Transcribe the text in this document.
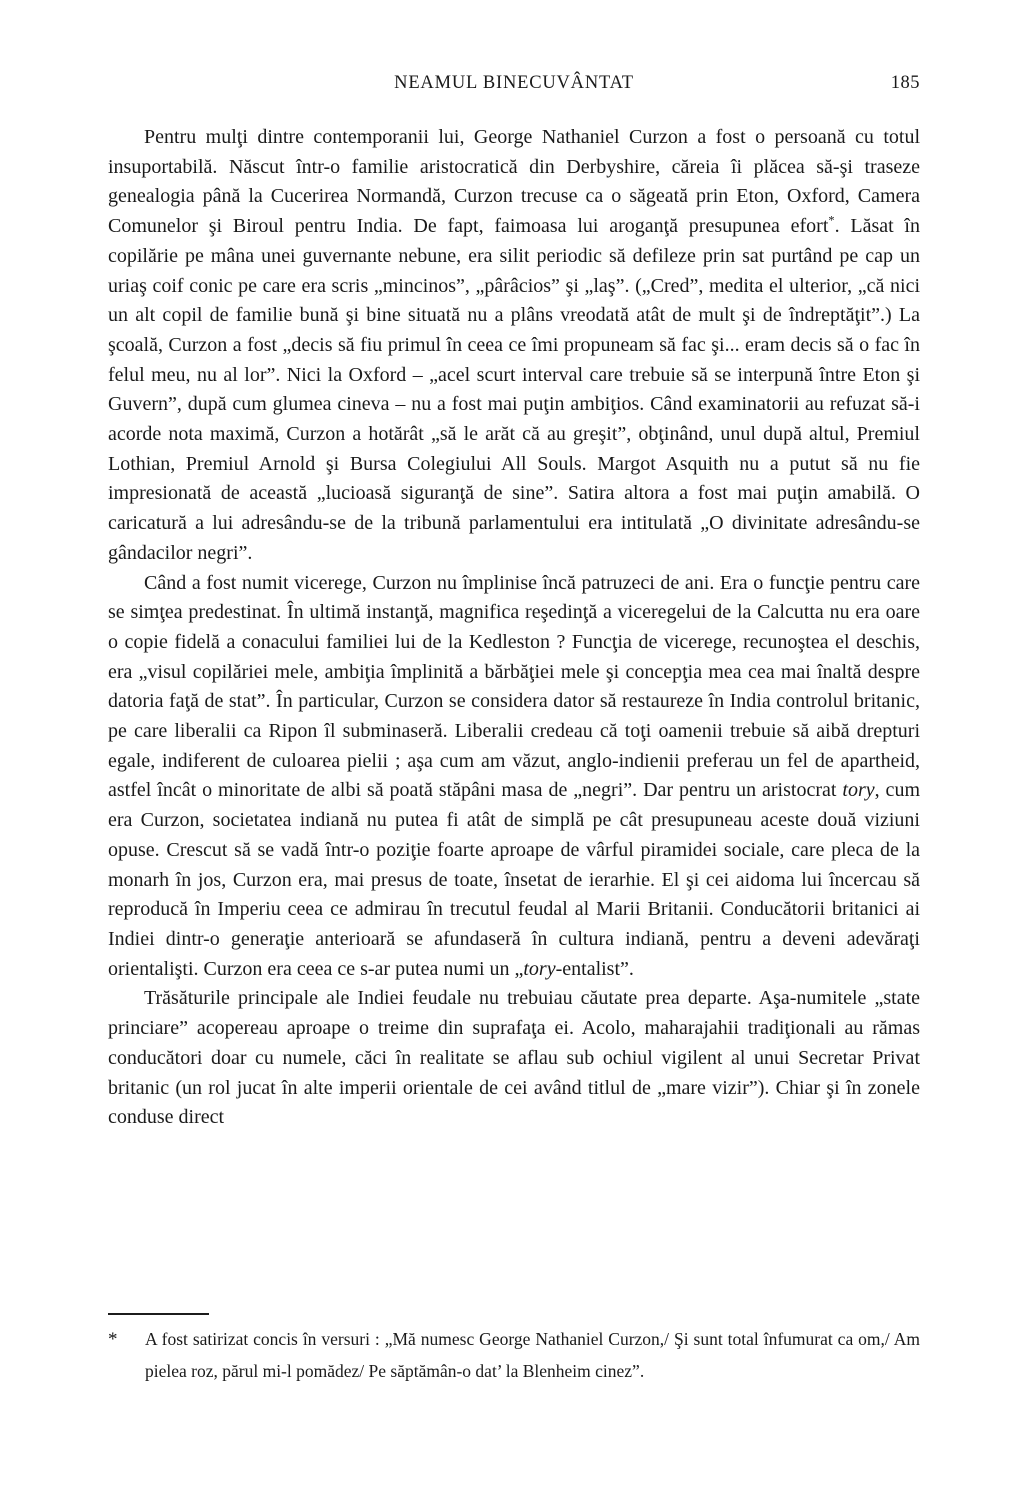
NEAMUL BINECUVÂNTAT	185

Pentru mulţi dintre contemporanii lui, George Nathaniel Curzon a fost o persoană cu totul insuportabilă. Născut într-o familie aristocratică din Derbyshire, căreia îi plăcea să-şi traseze genealogia până la Cucerirea Normandă, Curzon trecuse ca o săgeată prin Eton, Oxford, Camera Comunelor şi Biroul pentru India. De fapt, faimoasa lui aroganţă presupunea efort*. Lăsat în copilărie pe mâna unei guvernante nebune, era silit periodic să defileze prin sat purtând pe cap un uriaş coif conic pe care era scris „mincinos”, „pârâcios” şi „laş”. („Cred”, medita el ulterior, „că nici un alt copil de familie bună şi bine situată nu a plâns vreodată atât de mult şi de îndreptăţit”.) La şcoală, Curzon a fost „decis să fiu primul în ceea ce îmi propuneam să fac şi... eram decis să o fac în felul meu, nu al lor”. Nici la Oxford – „acel scurt interval care trebuie să se interpună între Eton şi Guvern”, după cum glumea cineva – nu a fost mai puţin ambiţios. Când examinatorii au refuzat să-i acorde nota maximă, Curzon a hotărât „să le arăt că au greşit”, obţinând, unul după altul, Premiul Lothian, Premiul Arnold şi Bursa Colegiului All Souls. Margot Asquith nu a putut să nu fie impresionată de această „lucioasă siguranţă de sine”. Satira altora a fost mai puţin amabilă. O caricatură a lui adresându-se de la tribună parlamentului era intitulată „O divinitate adresându-se gândacilor negri”.

Când a fost numit vicerege, Curzon nu împlinise încă patruzeci de ani. Era o funcţie pentru care se simţea predestinat. În ultimă instanţă, magnifica reşedinţă a viceregelui de la Calcutta nu era oare o copie fidelă a conacului familiei lui de la Kedleston ? Funcţia de vicerege, recunoştea el deschis, era „visul copilăriei mele, ambiţia împlinită a bărbăţiei mele şi concepţia mea cea mai înaltă despre datoria faţă de stat”. În particular, Curzon se considera dator să restaureze în India controlul britanic, pe care liberalii ca Ripon îl subminaseră. Liberalii credeau că toţi oamenii trebuie să aibă drepturi egale, indiferent de culoarea pielii ; aşa cum am văzut, anglo-indienii preferau un fel de apartheid, astfel încât o minoritate de albi să poată stăpâni masa de „negri”. Dar pentru un aristocrat tory, cum era Curzon, societatea indiană nu putea fi atât de simplă pe cât presupuneau aceste două viziuni opuse. Crescut să se vadă într-o poziţie foarte aproape de vârful piramidei sociale, care pleca de la monarh în jos, Curzon era, mai presus de toate, însetat de ierarhie. El şi cei aidoma lui încercau să reproducă în Imperiu ceea ce admirau în trecutul feudal al Marii Britanii. Conducătorii britanici ai Indiei dintr-o generaţie anterioară se afundaseră în cultura indiană, pentru a deveni adevăraţi orientalişti. Curzon era ceea ce s-ar putea numi un „tory-entalist”.

Trăsăturile principale ale Indiei feudale nu trebuiau căutate prea departe. Aşa-numitele „state princiare” acopereau aproape o treime din suprafaţa ei. Acolo, maharajahii tradiţionali au rămas conducători doar cu numele, căci în realitate se aflau sub ochiul vigilent al unui Secretar Privat britanic (un rol jucat în alte imperii orientale de cei având titlul de „mare vizir”). Chiar şi în zonele conduse direct

*	A fost satirizat concis în versuri : „Mă numesc George Nathaniel Curzon,/ Şi sunt total înfumurat ca om,/ Am pielea roz, părul mi-l pomădez/ Pe săptămân-o dat’ la Blenheim cinez”.
